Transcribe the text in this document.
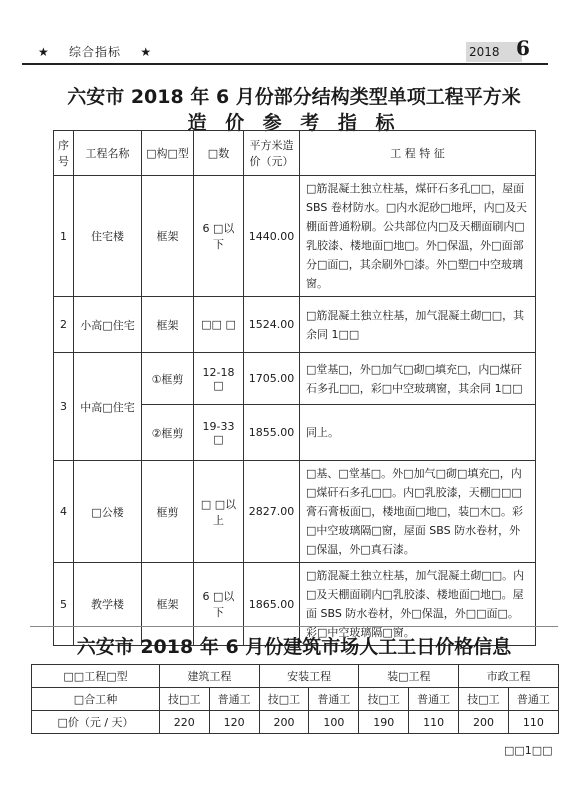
★ 综合指标 ★	2018 6
六安市 2018 年 6 月份部分结构类型单项工程平方米
造 价 参 考 指 标
序号	工程名称	□构□型	□数	平方米造价（元）	工 程 特 征
1	住宅楼	框架	6 □以下	1440.00	□筋混凝土独立柱基，煤矸石多孔□□，屋面 SBS 卷材防水。□内水泥砂□地坪，内□及天棚面普通粉刷。公共部位内□及天棚面刷内□乳胶漆、楼地面□地□。外□保温，外□面部分□面□，其余刷外□漆。外□塑□中空玻璃窗。
2	小高□住宅	框架	□□ □	1524.00	□筋混凝土独立柱基，加气混凝土砌□□，其余同 1□□
3	中高□住宅	①框剪	12-18 □	1705.00	□堂基□，外□加气□砌□填充□，内□煤矸石多孔□□，彩□中空玻璃窗，其余同 1□□
		②框剪	19-33 □	1855.00	同上。
4	□公楼	框剪	□ □以上	2827.00	□基、□堂基□。外□加气□砌□填充□，内□煤矸石多孔□□。内□乳胶漆，天棚□□□膏石膏板面□，楼地面□地□，装□木□。彩□中空玻璃隔□窗，屋面 SBS 防水卷材，外□保温，外□真石漆。
5	教学楼	框架	6 □以下	1865.00	□筋混凝土独立柱基，加气混凝土砌□□。内□及天棚面刷内□乳胶漆、楼地面□地□。屋面 SBS 防水卷材，外□保温，外□□面□。彩□中空玻璃隔□窗。
六安市 2018 年 6 月份建筑市场人工工日价格信息
□□工程□型	建筑工程		安装工程		装□工程		市政工程	
□合工种	技□工	普通工	技□工	普通工	技□工	普通工	技□工	普通工
□价（元 / 天）	220	120	200	100	190	110	200	110
□□1□□
